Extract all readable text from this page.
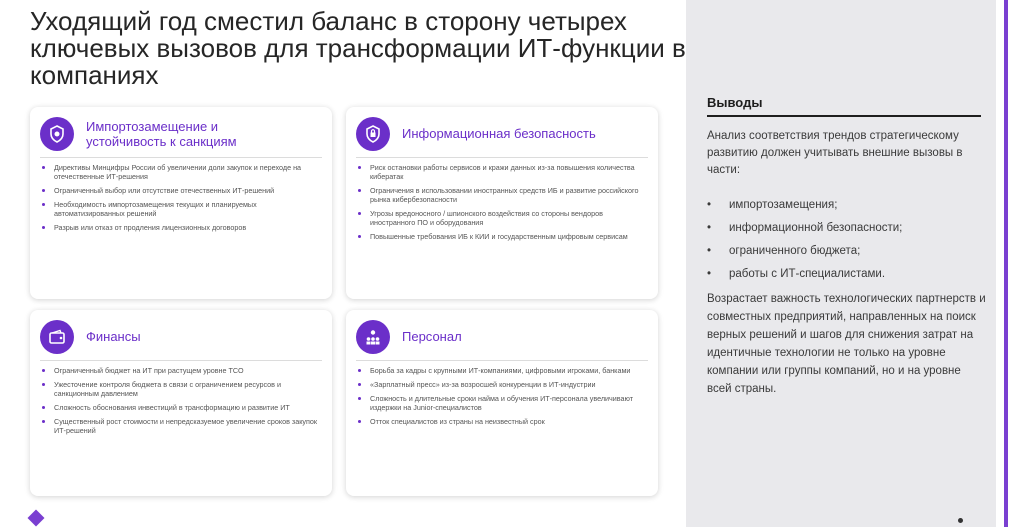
Уходящий год сместил баланс в сторону четырех ключевых вызовов для трансформации ИТ-функции в компаниях
Импортозамещение и устойчивость к санкциям
Директивы Минцифры России об увеличении доли закупок и переходе на отечественные ИТ-решения
Ограниченный выбор или отсутствие отечественных ИТ-решений
Необходимость импортозамещения текущих и планируемых автоматизированных решений
Разрыв или отказ от продления лицензионных договоров
Информационная безопасность
Риск остановки работы сервисов и кражи данных из-за повышения количества кибератак
Ограничения в использовании иностранных средств ИБ и развитие российского рынка кибербезопасности
Угрозы вредоносного / шпионского воздействия со стороны вендоров иностранного ПО и оборудования
Повышенные требования ИБ к КИИ и государственным цифровым сервисам
Финансы
Ограниченный бюджет на ИТ при растущем уровне TCO
Ужесточение контроля бюджета в связи с ограничением ресурсов и санкционным давлением
Сложность обоснования инвестиций в трансформацию и развитие ИТ
Существенный рост стоимости и непредсказуемое увеличение сроков закупок ИТ-решений
Персонал
Борьба за кадры с крупными ИТ-компаниями, цифровыми игроками, банками
«Зарплатный пресс» из-за возросшей конкуренции в ИТ-индустрии
Сложность и длительные сроки найма и обучения ИТ-персонала увеличивают издержки на Junior-специалистов
Отток специалистов из страны на неизвестный срок
Выводы
Анализ соответствия трендов стратегическому развитию должен учитывать внешние вызовы в части:
• импортозамещения;
• информационной безопасности;
• ограниченного бюджета;
• работы с ИТ-специалистами.
Возрастает важность технологических партнерств и совместных предприятий, направленных на поиск верных решений и шагов для снижения затрат на идентичные технологии не только на уровне компании или группы компаний, но и на уровне всей страны.
